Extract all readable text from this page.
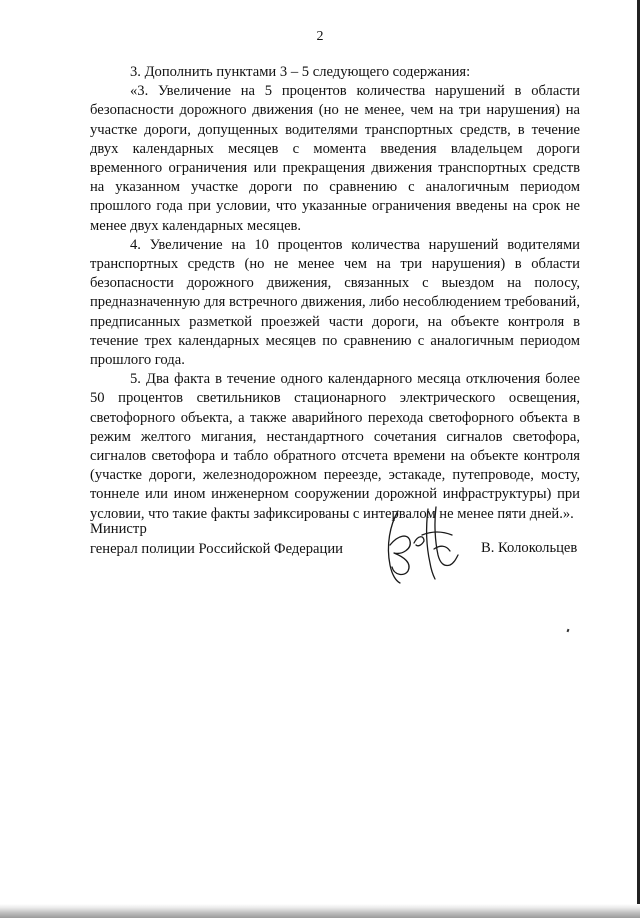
2

3. Дополнить пунктами 3 – 5 следующего содержания:

«3. Увеличение на 5 процентов количества нарушений в области безопасности дорожного движения (но не менее, чем на три нарушения) на участке дороги, допущенных водителями транспортных средств, в течение двух календарных месяцев с момента введения владельцем дороги временного ограничения или прекращения движения транспортных средств на указанном участке дороги по сравнению с аналогичным периодом прошлого года при условии, что указанные ограничения введены на срок не менее двух календарных месяцев.

4. Увеличение на 10 процентов количества нарушений водителями транспортных средств (но не менее чем на три нарушения) в области безопасности дорожного движения, связанных с выездом на полосу, предназначенную для встречного движения, либо несоблюдением требований, предписанных разметкой проезжей части дороги, на объекте контроля в течение трех календарных месяцев по сравнению с аналогичным периодом прошлого года.

5. Два факта в течение одного календарного месяца отключения более 50 процентов светильников стационарного электрического освещения, светофорного объекта, а также аварийного перехода светофорного объекта в режим желтого мигания, нестандартного сочетания сигналов светофора, сигналов светофора и табло обратного отсчета времени на объекте контроля (участке дороги, железнодорожном переезде, эстакаде, путепроводе, мосту, тоннеле или ином инженерном сооружении дорожной инфраструктуры) при условии, что такие факты зафиксированы с интервалом не менее пяти дней.».

Министр
генерал полиции Российской Федерации	В. Колокольцев
